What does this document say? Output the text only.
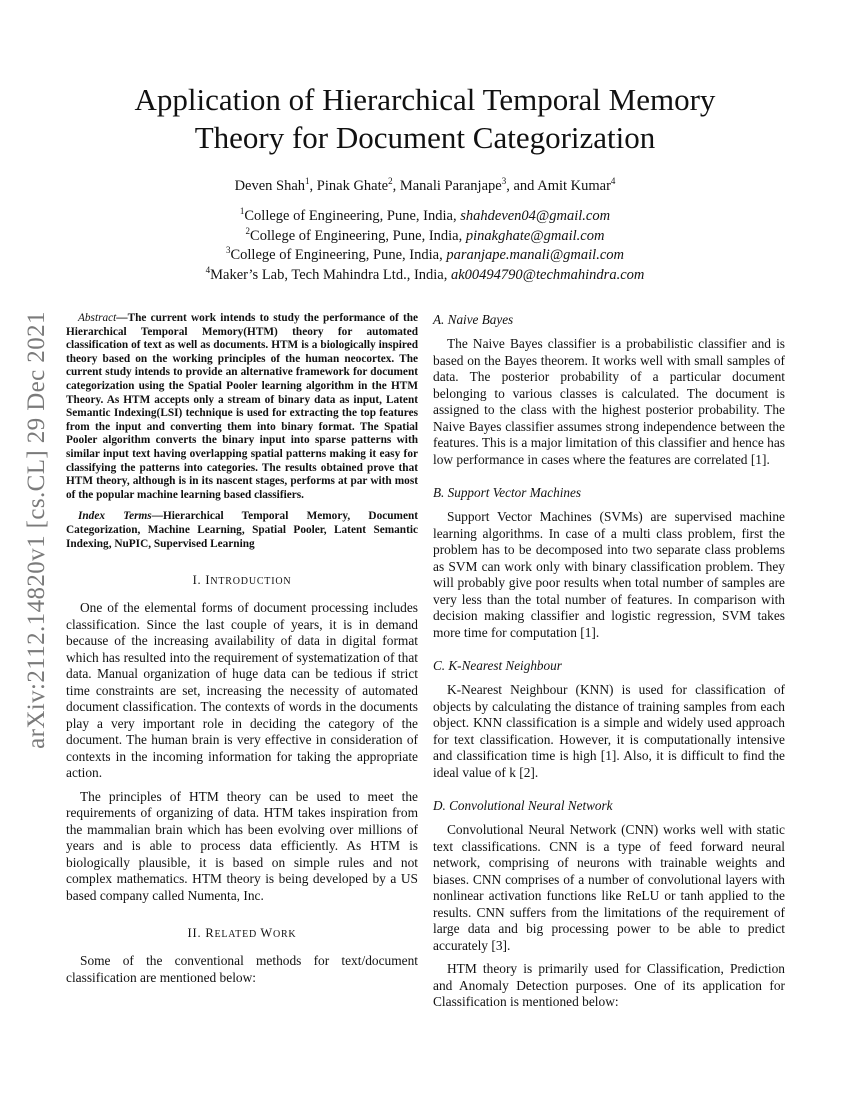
arXiv:2112.14820v1 [cs.CL] 29 Dec 2021
Application of Hierarchical Temporal Memory
Theory for Document Categorization
Deven Shah$^1$, Pinak Ghate$^2$, Manali Paranjape$^3$, and Amit Kumar$^4$
$^1$College of Engineering, Pune, India, shahdeven04@gmail.com
$^2$College of Engineering, Pune, India, pinakghate@gmail.com
$^3$College of Engineering, Pune, India, paranjape.manali@gmail.com
$^4$Maker’s Lab, Tech Mahindra Ltd., India, ak00494790@techmahindra.com

Abstract—The current work intends to study the performance of the Hierarchical Temporal Memory(HTM) theory for automated classification of text as well as documents. HTM is a biologically inspired theory based on the working principles of the human neocortex. The current study intends to provide an alternative framework for document categorization using the Spatial Pooler learning algorithm in the HTM Theory. As HTM accepts only a stream of binary data as input, Latent Semantic Indexing(LSI) technique is used for extracting the top features from the input and converting them into binary format. The Spatial Pooler algorithm converts the binary input into sparse patterns with similar input text having overlapping spatial patterns making it easy for classifying the patterns into categories. The results obtained prove that HTM theory, although is in its nascent stages, performs at par with most of the popular machine learning based classifiers.

Index Terms—Hierarchical Temporal Memory, Document Categorization, Machine Learning, Spatial Pooler, Latent Semantic Indexing, NuPIC, Supervised Learning

I. INTRODUCTION

One of the elemental forms of document processing includes classification. Since the last couple of years, it is in demand because of the increasing availability of data in digital format which has resulted into the requirement of systematization of that data. Manual organization of huge data can be tedious if strict time constraints are set, increasing the necessity of automated document classification. The contexts of words in the documents play a very important role in deciding the category of the document. The human brain is very effective in consideration of contexts in the incoming information for taking the appropriate action.

The principles of HTM theory can be used to meet the requirements of organizing of data. HTM takes inspiration from the mammalian brain which has been evolving over millions of years and is able to process data efficiently. As HTM is biologically plausible, it is based on simple rules and not complex mathematics. HTM theory is being developed by a US based company called Numenta, Inc.

II. RELATED WORK

Some of the conventional methods for text/document classification are mentioned below:

A. Naive Bayes

The Naive Bayes classifier is a probabilistic classifier and is based on the Bayes theorem. It works well with small samples of data. The posterior probability of a particular document belonging to various classes is calculated. The document is assigned to the class with the highest posterior probability. The Naive Bayes classifier assumes strong independence between the features. This is a major limitation of this classifier and hence has low performance in cases where the features are correlated [1].

B. Support Vector Machines

Support Vector Machines (SVMs) are supervised machine learning algorithms. In case of a multi class problem, first the problem has to be decomposed into two separate class problems as SVM can work only with binary classification problem. They will probably give poor results when total number of samples are very less than the total number of features. In comparison with decision making classifier and logistic regression, SVM takes more time for computation [1].

C. K-Nearest Neighbour

K-Nearest Neighbour (KNN) is used for classification of objects by calculating the distance of training samples from each object. KNN classification is a simple and widely used approach for text classification. However, it is computationally intensive and classification time is high [1]. Also, it is difficult to find the ideal value of k [2].

D. Convolutional Neural Network

Convolutional Neural Network (CNN) works well with static text classifications. CNN is a type of feed forward neural network, comprising of neurons with trainable weights and biases. CNN comprises of a number of convolutional layers with nonlinear activation functions like ReLU or tanh applied to the results. CNN suffers from the limitations of the requirement of large data and big processing power to be able to predict accurately [3].

HTM theory is primarily used for Classification, Prediction and Anomaly Detection purposes. One of its application for Classification is mentioned below:
